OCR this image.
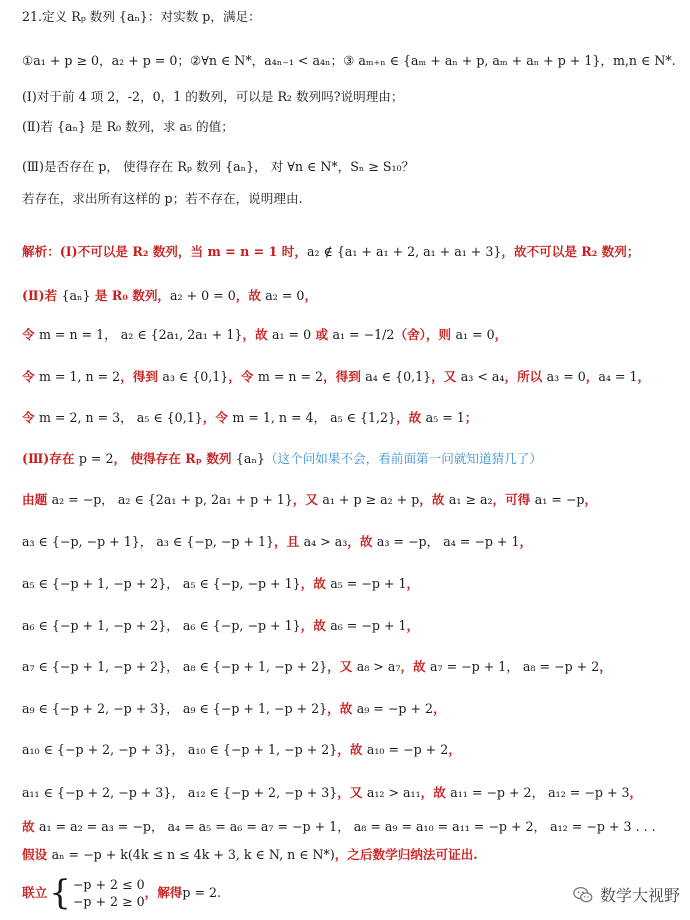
21.定义 Rₚ 数列 {aₙ}：对实数 p，满足：
①a₁ + p ≥ 0，a₂ + p = 0；②∀n ∈ N*，a₄ₙ₋₁ < a₄ₙ；③ aₘ₊ₙ ∈ {aₘ + aₙ + p, aₘ + aₙ + p + 1}，m,n ∈ N*.
(Ⅰ)对于前 4 项 2，-2，0，1 的数列，可以是 R₂ 数列吗?说明理由；
(Ⅱ)若 {aₙ} 是 R₀ 数列，求 a₅ 的值；
(Ⅲ)是否存在 p， 使得存在 Rₚ 数列 {aₙ}， 对 ∀n ∈ N*，Sₙ ≥ S₁₀？
若存在，求出所有这样的 p；若不存在，说明理由.
解析：(Ⅰ)不可以是 R₂ 数列，当 m = n = 1 时，a₂ ∉ {a₁ + a₁ + 2, a₁ + a₁ + 3}，故不可以是 R₂ 数列；
(Ⅱ)若 {aₙ} 是 R₀ 数列，a₂ + 0 = 0，故 a₂ = 0，
令 m = n = 1， a₂ ∈ {2a₁, 2a₁ + 1}，故 a₁ = 0 或 a₁ = −1/2（舍），则 a₁ = 0，
令 m = 1, n = 2，得到 a₃ ∈ {0,1}，令 m = n = 2，得到 a₄ ∈ {0,1}，又 a₃ < a₄，所以 a₃ = 0，a₄ = 1，
令 m = 2, n = 3， a₅ ∈ {0,1}，令 m = 1, n = 4， a₅ ∈ {1,2}，故 a₅ = 1；
(Ⅲ)存在 p = 2， 使得存在 Rₚ 数列 {aₙ}（这个问如果不会，看前面第一问就知道猜几了）
由题 a₂ = −p， a₂ ∈ {2a₁ + p, 2a₁ + p + 1}，又 a₁ + p ≥ a₂ + p，故 a₁ ≥ a₂，可得 a₁ = −p，
a₃ ∈ {−p, −p + 1}， a₃ ∈ {−p, −p + 1}，且 a₄ > a₃，故 a₃ = −p， a₄ = −p + 1，
a₅ ∈ {−p + 1, −p + 2}， a₅ ∈ {−p, −p + 1}，故 a₅ = −p + 1，
a₆ ∈ {−p + 1, −p + 2}， a₆ ∈ {−p, −p + 1}，故 a₆ = −p + 1，
a₇ ∈ {−p + 1, −p + 2}， a₈ ∈ {−p + 1, −p + 2}，又 a₈ > a₇，故 a₇ = −p + 1， a₈ = −p + 2，
a₉ ∈ {−p + 2, −p + 3}， a₉ ∈ {−p + 1, −p + 2}，故 a₉ = −p + 2，
a₁₀ ∈ {−p + 2, −p + 3}， a₁₀ ∈ {−p + 1, −p + 2}，故 a₁₀ = −p + 2，
a₁₁ ∈ {−p + 2, −p + 3}， a₁₂ ∈ {−p + 2, −p + 3}，又 a₁₂ > a₁₁，故 a₁₁ = −p + 2， a₁₂ = −p + 3，
故 a₁ = a₂ = a₃ = −p， a₄ = a₅ = a₆ = a₇ = −p + 1， a₈ = a₉ = a₁₀ = a₁₁ = −p + 2， a₁₂ = −p + 3 . . .
假设 aₙ = −p + k(4k ≤ n ≤ 4k + 3, k ∈ N, n ∈ N*)，之后数学归纳法可证出.
联立 { −p + 2 ≤ 0
−p + 2 ≥ 0
，解得 p = 2 .	数学大视野
